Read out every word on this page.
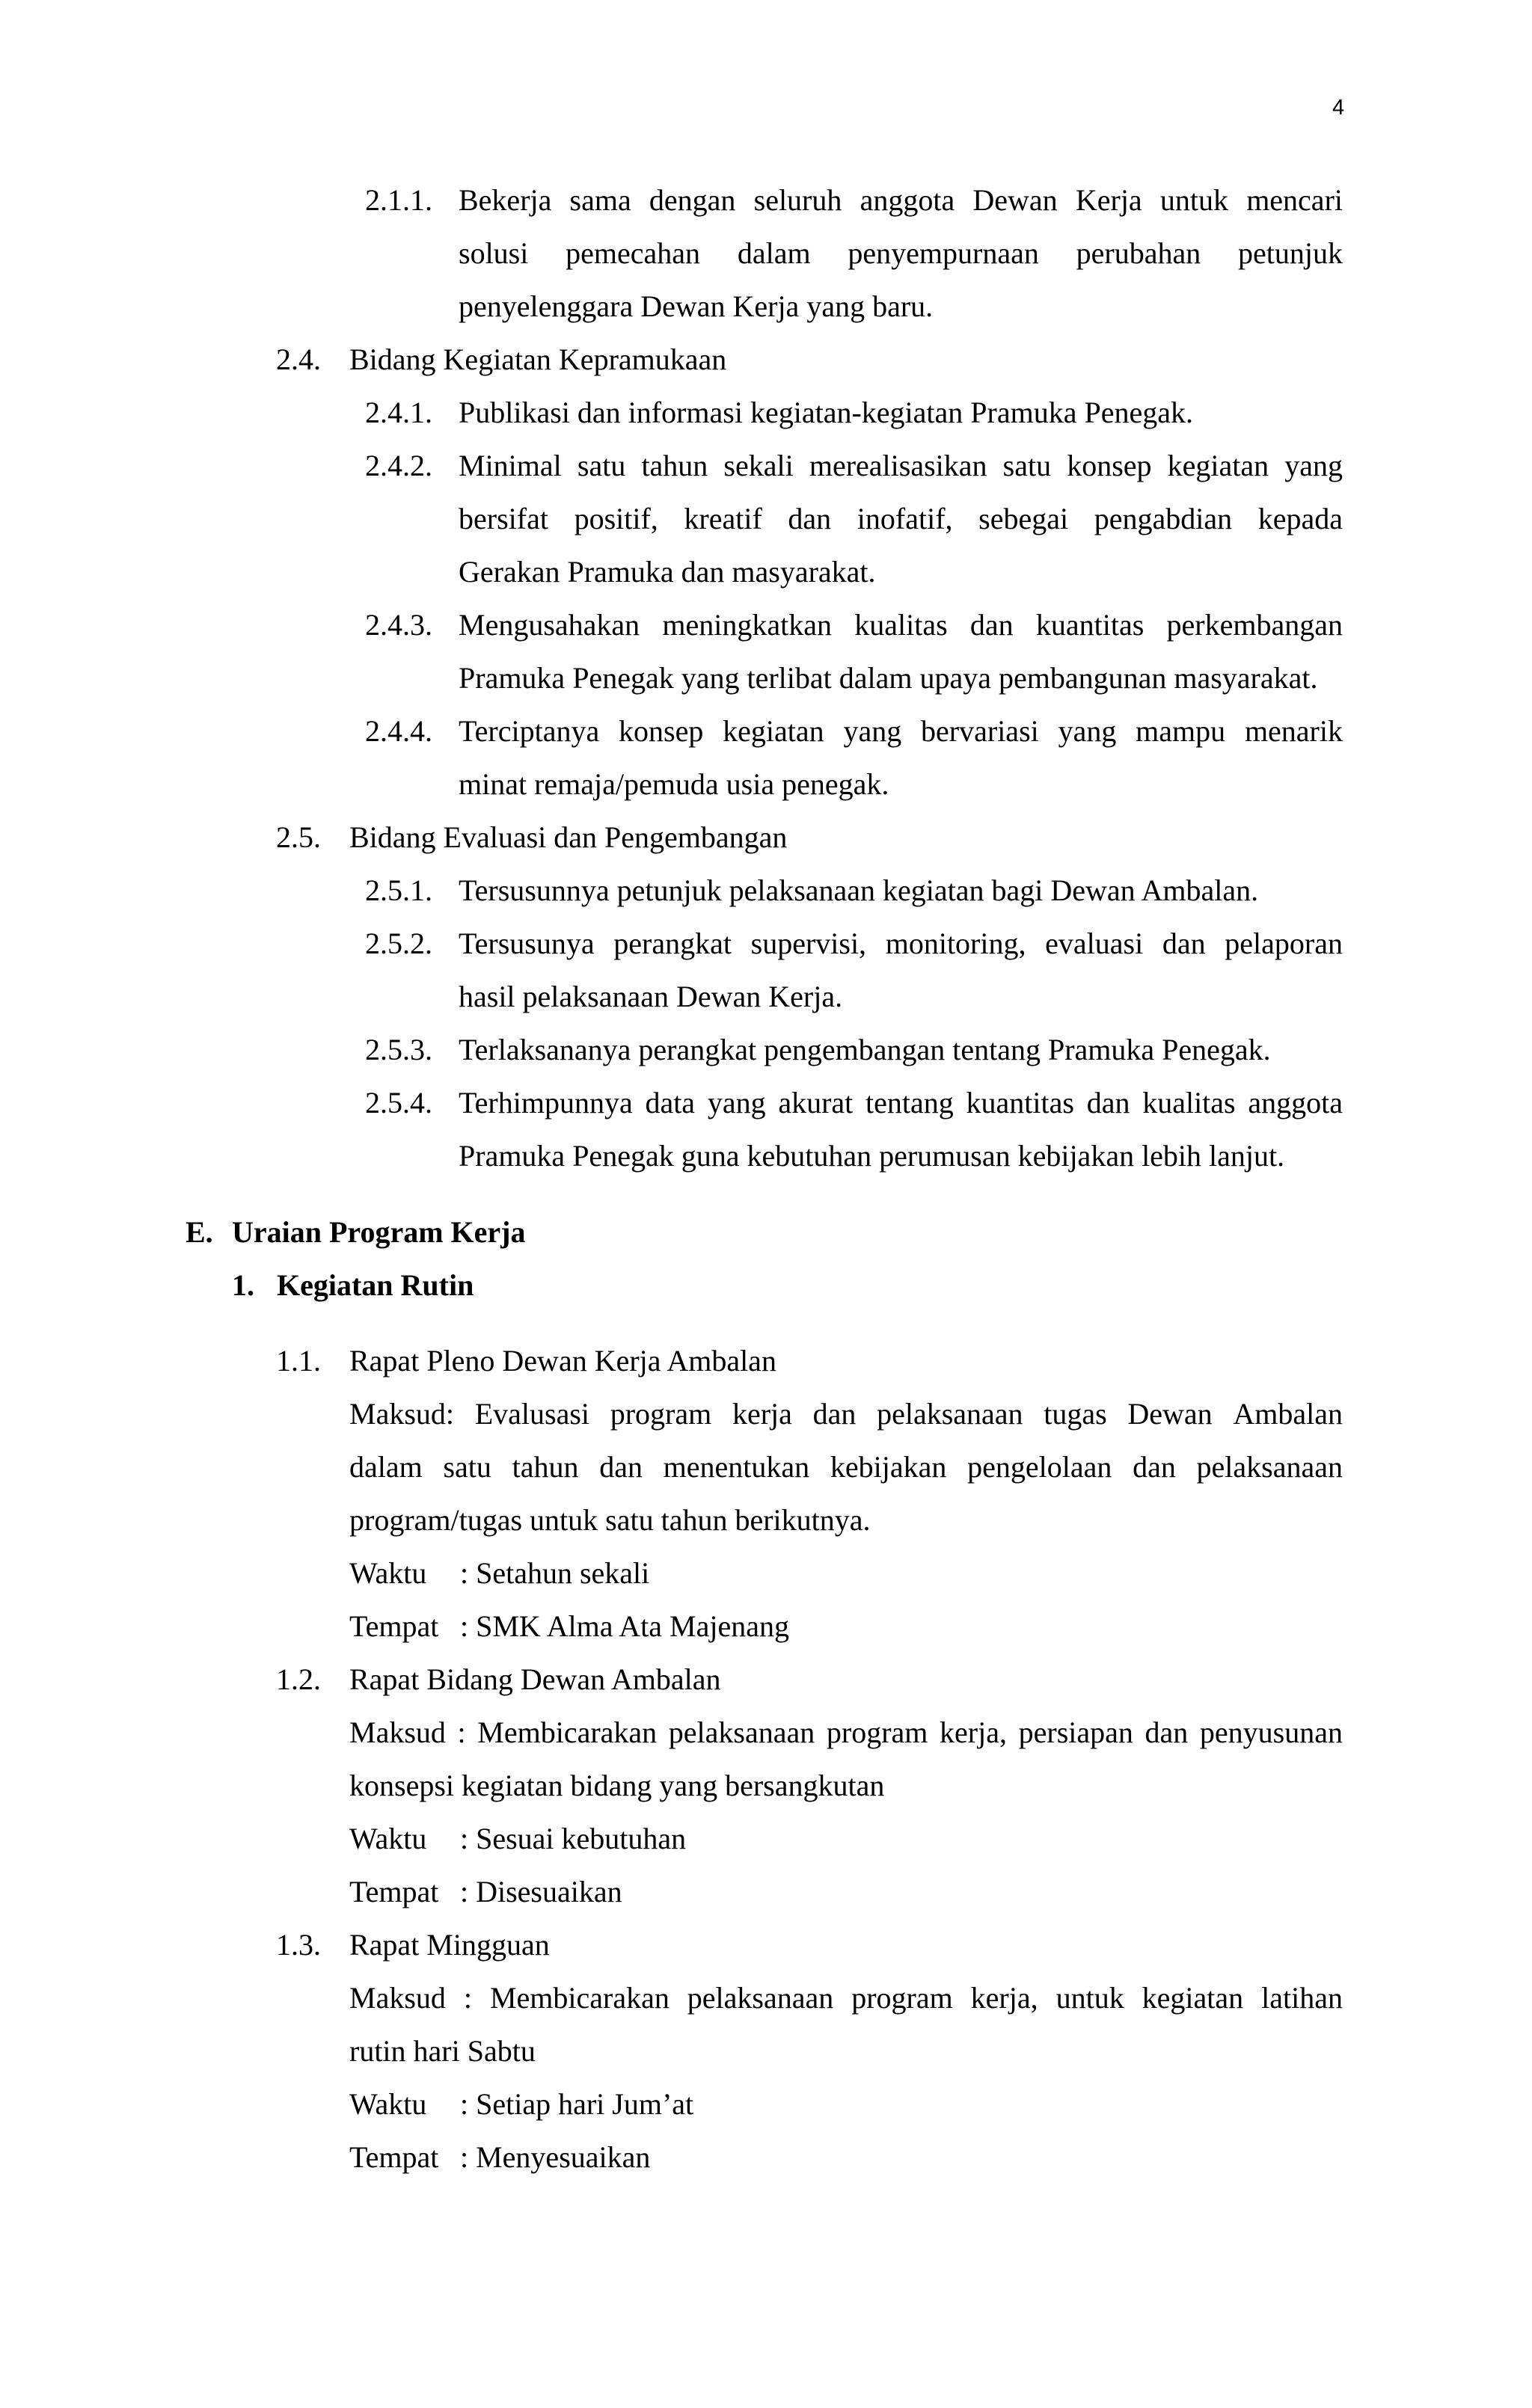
4
2.1.1. Bekerja sama dengan seluruh anggota Dewan Kerja untuk mencari
solusi pemecahan dalam penyempurnaan perubahan petunjuk
penyelenggara Dewan Kerja yang baru.
2.4. Bidang Kegiatan Kepramukaan
2.4.1. Publikasi dan informasi kegiatan-kegiatan Pramuka Penegak.
2.4.2. Minimal satu tahun sekali merealisasikan satu konsep kegiatan yang
bersifat positif, kreatif dan inofatif, sebegai pengabdian kepada
Gerakan Pramuka dan masyarakat.
2.4.3. Mengusahakan meningkatkan kualitas dan kuantitas perkembangan
Pramuka Penegak yang terlibat dalam upaya pembangunan masyarakat.
2.4.4. Terciptanya konsep kegiatan yang bervariasi yang mampu menarik
minat remaja/pemuda usia penegak.
2.5. Bidang Evaluasi dan Pengembangan
2.5.1. Tersusunnya petunjuk pelaksanaan kegiatan bagi Dewan Ambalan.
2.5.2. Tersusunya perangkat supervisi, monitoring, evaluasi dan pelaporan
hasil pelaksanaan Dewan Kerja.
2.5.3. Terlaksananya perangkat pengembangan tentang Pramuka Penegak.
2.5.4. Terhimpunnya data yang akurat tentang kuantitas dan kualitas anggota
Pramuka Penegak guna kebutuhan perumusan kebijakan lebih lanjut.
E. Uraian Program Kerja
1. Kegiatan Rutin
1.1. Rapat Pleno Dewan Kerja Ambalan
Maksud: Evalusasi program kerja dan pelaksanaan tugas Dewan Ambalan
dalam satu tahun dan menentukan kebijakan pengelolaan dan pelaksanaan
program/tugas untuk satu tahun berikutnya.
Waktu : Setahun sekali
Tempat : SMK Alma Ata Majenang
1.2. Rapat Bidang Dewan Ambalan
Maksud : Membicarakan pelaksanaan program kerja, persiapan dan penyusunan
konsepsi kegiatan bidang yang bersangkutan
Waktu : Sesuai kebutuhan
Tempat : Disesuaikan
1.3. Rapat Mingguan
Maksud : Membicarakan pelaksanaan program kerja, untuk kegiatan latihan
rutin hari Sabtu
Waktu : Setiap hari Jum’at
Tempat : Menyesuaikan
